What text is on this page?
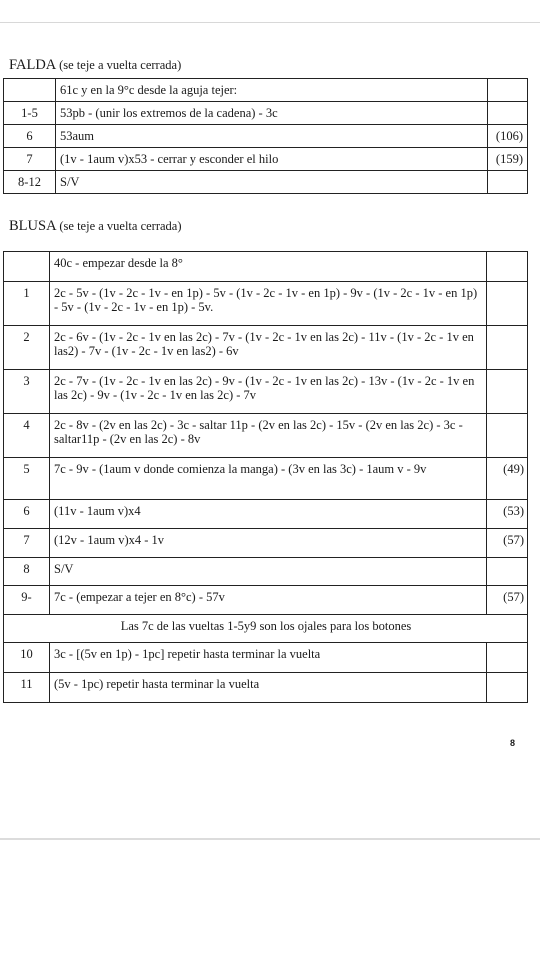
FALDA (se teje a vuelta cerrada)
	61c y en la 9°c desde la aguja tejer:	
1-5	53pb - (unir los extremos de la cadena) - 3c	
6	53aum	(106)
7	(1v - 1aum v)x53 - cerrar y esconder el hilo	(159)
8-12	S/V	
BLUSA (se teje a vuelta cerrada)
	40c - empezar desde la 8°	
1	2c - 5v - (1v - 2c - 1v - en 1p) - 5v - (1v - 2c - 1v - en 1p) - 9v - (1v - 2c - 1v - en 1p) - 5v - (1v - 2c - 1v - en 1p) - 5v.	
2	2c - 6v - (1v - 2c - 1v en las 2c) - 7v - (1v - 2c - 1v en las 2c) - 11v - (1v - 2c - 1v en las2) - 7v - (1v - 2c - 1v en las2) - 6v	
3	2c - 7v - (1v - 2c - 1v en las 2c) - 9v - (1v - 2c - 1v en las 2c) - 13v - (1v - 2c - 1v en las 2c) - 9v - (1v - 2c - 1v en las 2c) - 7v	
4	2c - 8v - (2v en las 2c) - 3c - saltar 11p - (2v en las 2c) - 15v - (2v en las 2c) - 3c - saltar11p - (2v en las 2c) - 8v	
5	7c - 9v - (1aum v donde comienza la manga) - (3v en las 3c) - 1aum v - 9v	(49)
6	(11v - 1aum v)x4	(53)
7	(12v - 1aum v)x4 - 1v	(57)
8	S/V	
9-	7c - (empezar a tejer en 8°c) - 57v	(57)
Las 7c de las vueltas 1-5y9 son los ojales para los botones		
10	3c - [(5v en 1p) - 1pc] repetir hasta terminar la vuelta	
11	(5v - 1pc) repetir hasta terminar la vuelta	
8
